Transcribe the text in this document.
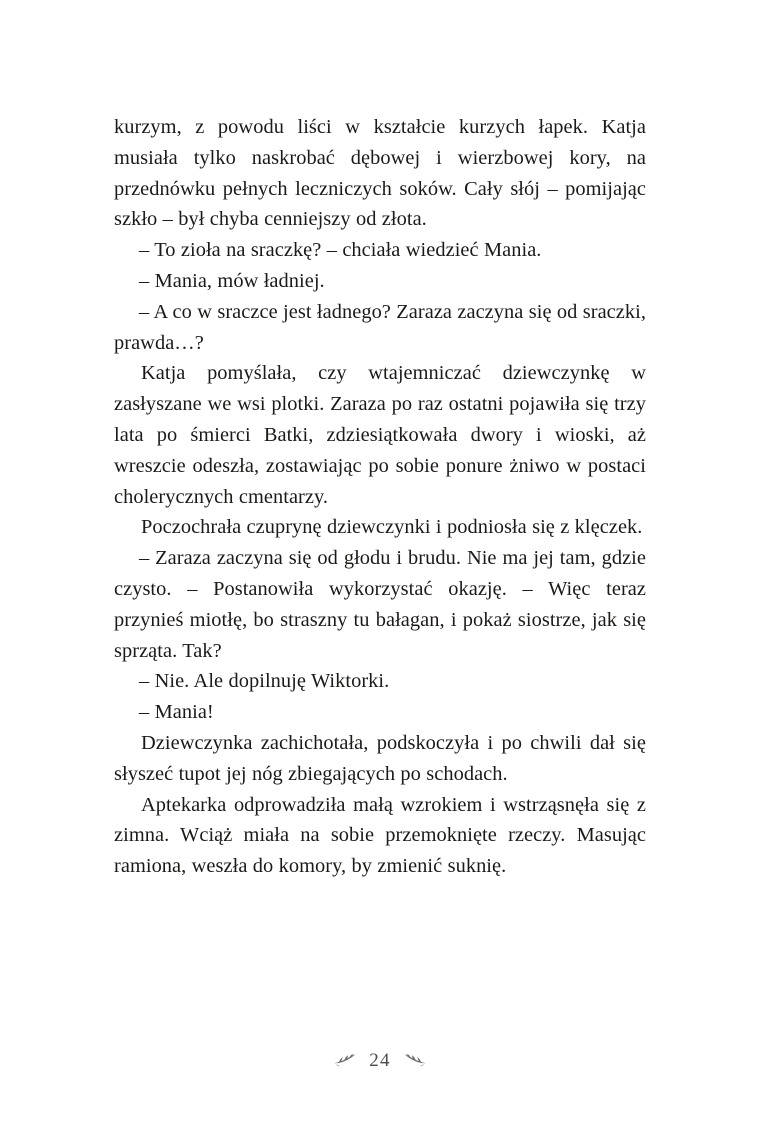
kurzym, z powodu liści w kształcie kurzych łapek. Katja musiała tylko naskrobać dębowej i wierzbowej kory, na przednówku pełnych leczniczych soków. Cały słój – pomijając szkło – był chyba cenniejszy od złota.

– To zioła na sraczkę? – chciała wiedzieć Mania.

– Mania, mów ładniej.

– A co w sraczce jest ładnego? Zaraza zaczyna się od sraczki, prawda…?

Katja pomyślała, czy wtajemniczać dziewczynkę w zasłyszane we wsi plotki. Zaraza po raz ostatni pojawiła się trzy lata po śmierci Batki, zdziesiątkowała dwory i wioski, aż wreszcie odeszła, zostawiając po sobie ponure żniwo w postaci cholerycznych cmentarzy.

Poczochrała czuprynę dziewczynki i podniosła się z klęczek.

– Zaraza zaczyna się od głodu i brudu. Nie ma jej tam, gdzie czysto. – Postanowiła wykorzystać okazję. – Więc teraz przynieś miotłę, bo straszny tu bałagan, i pokaż siostrze, jak się sprząta. Tak?

– Nie. Ale dopilnuję Wiktorki.

– Mania!

Dziewczynka zachichotała, podskoczyła i po chwili dał się słyszeć tupot jej nóg zbiegających po schodach.

Aptekarka odprowadziła małą wzrokiem i wstrząsnęła się z zimna. Wciąż miała na sobie przemoknięte rzeczy. Masując ramiona, weszła do komory, by zmienić suknię.

24
